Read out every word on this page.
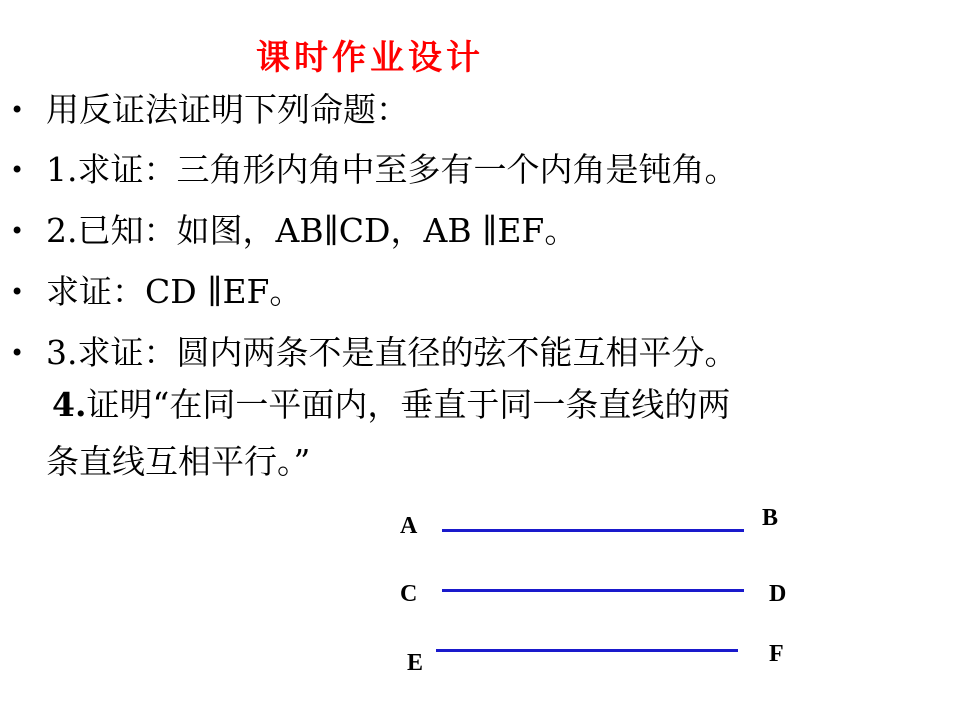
课时作业设计
• 用反证法证明下列命题：
• 1.求证：三角形内角中至多有一个内角是钝角。
• 2.已知：如图，AB∥CD，AB ∥EF。
• 求证：CD ∥EF。
• 3.求证：圆内两条不是直径的弦不能互相平分。
4.证明“在同一平面内，垂直于同一条直线的两
条直线互相平行。”
A	B
C	D
E	F
